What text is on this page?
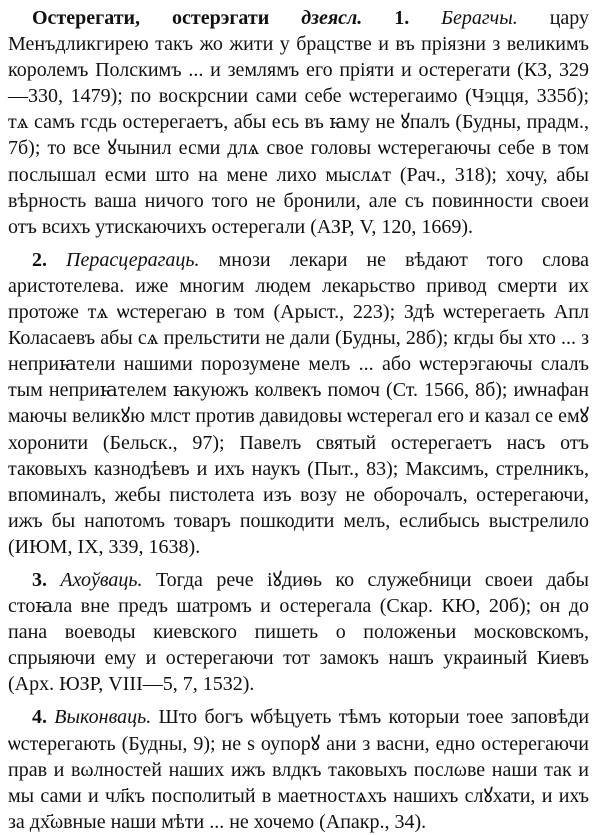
Остерегати, остерэгати дзеясл. 1. Берагчы. цару Менъдликгирею такъ жо жити у брацстве и въ прiязни з великимъ королемъ Полскимъ ... и землямъ его прiяти и остерегати (КЗ, 329—330, 1479); по воскрснии сами себе ѡстерегаимо (Чэцця, 335б); тѧ самъ гсдь остерегаетъ, абы есь въ ꙗму не ꙋпалъ (Будны, прадм., 7б); то все ꙋчынил есми длѧ свое головы ѡстерегаючы себе в том послышал есми што на мене лихо мыслѧт (Рач., 318); хочу, абы вѣрность ваша ничого того не бронили, але съ повинности своеи отъ всихъ утискаючихъ остерегали (АЗР, V, 120, 1669).

2. Перасцерагаць. мнози лекари не вѣдают того слова аристотелева. иже многим людем лекарьство привод смерти их протоже тѧ ѡстерегаю в том (Арыст., 223); Здѣ ѡстерегаеть Апл Коласаевъ абы сѧ прельстити не дали (Будны, 28б); кгды бы хто ... з неприꙗтели нашими порозумене мелъ ... або ѡстерэгаючы слалъ тым неприꙗтелем ꙗкуюжъ колвекъ помоч (Ст. 1566, 8б); иѡнафан маючы великꙋю млст против давидовы ѡстерегал его и казал се емꙋ хоронити (Бельск., 97); Павелъ святый остерегаетъ насъ отъ таковыхъ казнодѣевъ и ихъ наукъ (Пыт., 83); Максимъ, стрелникъ, впоминалъ, жебы пистолета изъ возу не оборочалъ, остерегаючи, ижъ бы напотомъ товаръ пошкодити мелъ, еслибысь выстрелило (ИЮМ, IX, 339, 1638).

3. Ахоўваць. Тогда рече iꙋдиѳь ко служебници своеи дабы стоꙗла вне предъ шатромъ и остерегала (Скар. КЮ, 20б); он до пана воеводы киевского пишеть о положеньи московскомъ, спрыяючи ему и остерегаючи тот замокъ нашъ украиный Киевъ (Арх. ЮЗР, VIII—5, 7, 1532).

4. Выконваць. Што богъ ѡбѣцуеть тѣмъ которыи тоее заповѣди ѡстерегають (Будны, 9); не ѕ оупорꙋ ани з васни, едно остерегаючи прав и вωлностей наших ижъ влдкъ таковыхъ послωве наши так и мы сами и чл҃къ посполитый в маетностѧхъ нашихъ слꙋхати, и ихъ за дх҃ωвные наши мѣти ... не хочемо (Апакр., 34).
